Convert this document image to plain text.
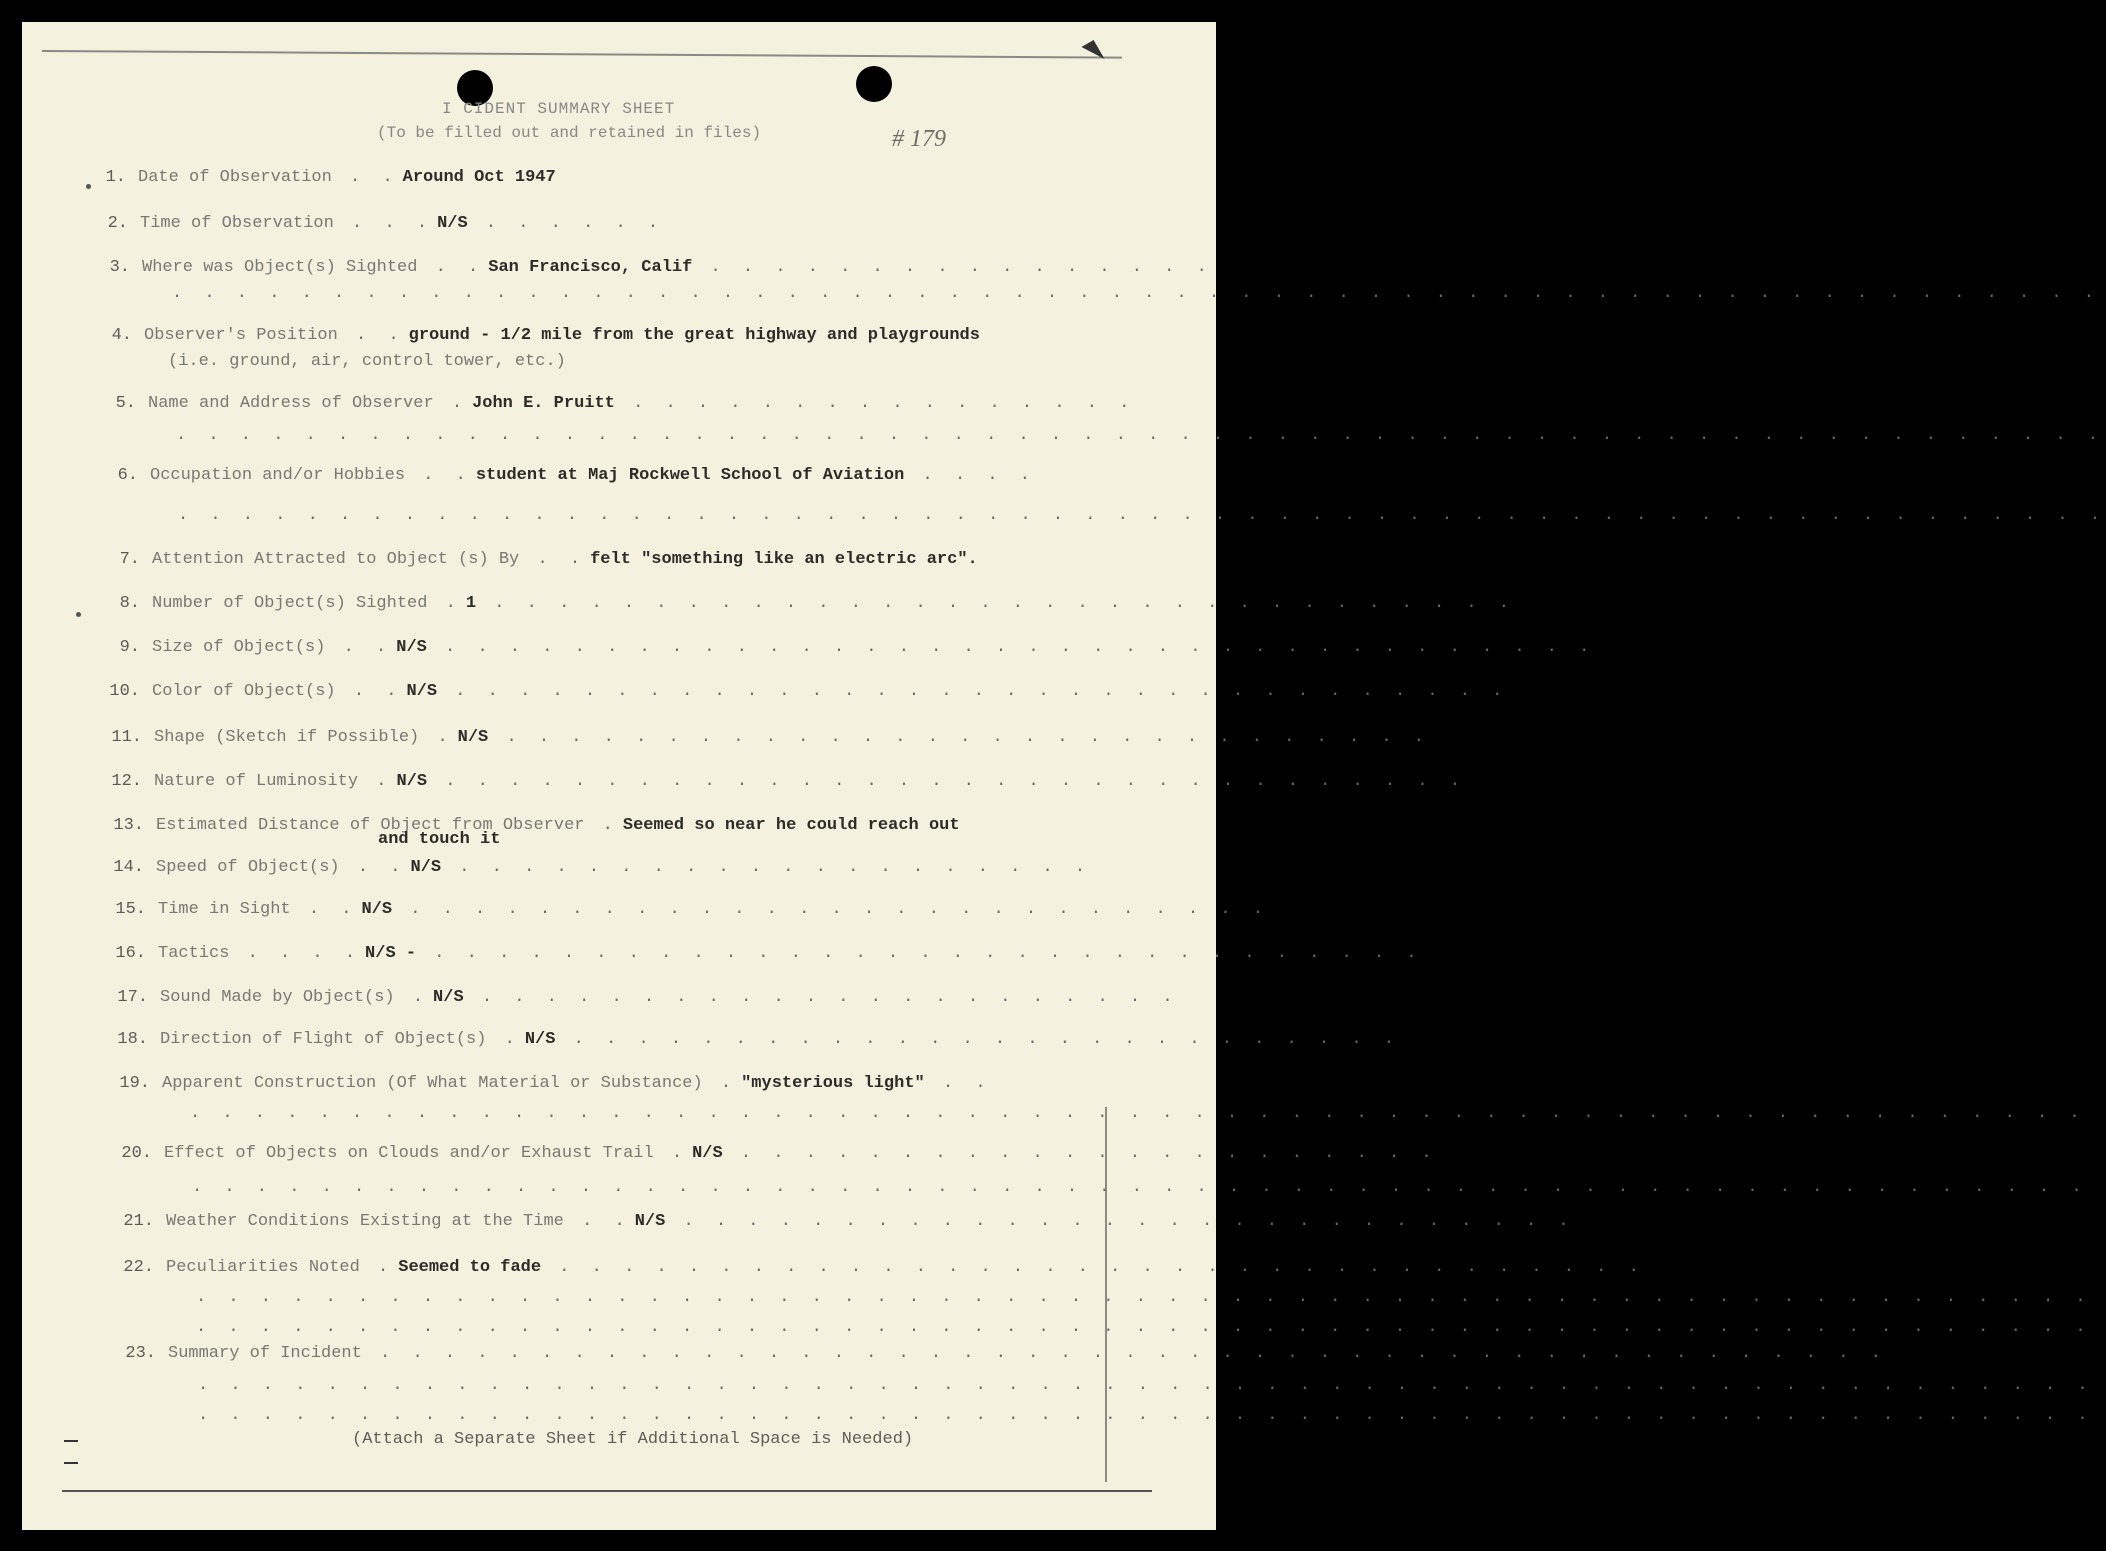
I CIDENT SUMMARY SHEET
(To be filled out and retained in files)	# 179
1. Date of Observation . . Around Oct 1947
2. Time of Observation . . . N/S . . . . . .
3. Where was Object(s) Sighted . . San Francisco, Calif . . . . . . . . . . . . . . . .
. . . . . . . . . . . . . . . . . . . . . . . . . . . . . . . . . . . . . . . . . . . . . . . . . . . . . . . . . . . .
4. Observer's Position . . ground - 1/2 mile from the great highway and playgrounds
(i.e. ground, air, control tower, etc.)
5. Name and Address of Observer . John E. Pruitt . . . . . . . . . . . . . . . .
. . . . . . . . . . . . . . . . . . . . . . . . . . . . . . . . . . . . . . . . . . . . . . . . . . . . . . . . . . . .
6. Occupation and/or Hobbies . . student at Maj Rockwell School of Aviation . . . .
. . . . . . . . . . . . . . . . . . . . . . . . . . . . . . . . . . . . . . . . . . . . . . . . . . . . . . . . . . . .
7. Attention Attracted to Object (s) By . . felt "something like an electric arc".
8. Number of Object(s) Sighted . 1 . . . . . . . . . . . . . . . . . . . . . . . . . . . . . . . .
9. Size of Object(s) . . N/S . . . . . . . . . . . . . . . . . . . . . . . . . . . . . . . . . . . .
10. Color of Object(s) . . N/S . . . . . . . . . . . . . . . . . . . . . . . . . . . . . . . . .
11. Shape (Sketch if Possible) . N/S . . . . . . . . . . . . . . . . . . . . . . . . . . . . .
12. Nature of Luminosity . N/S . . . . . . . . . . . . . . . . . . . . . . . . . . . . . . . .
13. Estimated Distance of Object from Observer . Seemed so near he could reach out
and touch it
14. Speed of Object(s) . . N/S . . . . . . . . . . . . . . . . . . . .
15. Time in Sight . . N/S . . . . . . . . . . . . . . . . . . . . . . . . . . .
16. Tactics . . . . N/S - . . . . . . . . . . . . . . . . . . . . . . . . . . . . . . .
17. Sound Made by Object(s) . N/S . . . . . . . . . . . . . . . . . . . . . .
18. Direction of Flight of Object(s) . N/S . . . . . . . . . . . . . . . . . . . . . . . . . .
19. Apparent Construction (Of What Material or Substance) . "mysterious light" . .
. . . . . . . . . . . . . . . . . . . . . . . . . . . . . . . . . . . . . . . . . . . . . . . . . . . . . . . . . . .
20. Effect of Objects on Clouds and/or Exhaust Trail . N/S . . . . . . . . . . . . . . . . . . . . . .
. . . . . . . . . . . . . . . . . . . . . . . . . . . . . . . . . . . . . . . . . . . . . . . . . . . . . . . . . . .
21. Weather Conditions Existing at the Time . . N/S . . . . . . . . . . . . . . . . . . . . . . . . . . . .
22. Peculiarities Noted . Seemed to fade . . . . . . . . . . . . . . . . . . . . . . . . . . . . . . . . . .
. . . . . . . . . . . . . . . . . . . . . . . . . . . . . . . . . . . . . . . . . . . . . . . . . . . . . . . . . . .
. . . . . . . . . . . . . . . . . . . . . . . . . . . . . . . . . . . . . . . . . . . . . . . . . . . . . . . . . . .
23. Summary of Incident . . . . . . . . . . . . . . . . . . . . . . . . . . . . . . . . . . . . . . . . . . . . . . .
. . . . . . . . . . . . . . . . . . . . . . . . . . . . . . . . . . . . . . . . . . . . . . . . . . . . . . . . . . .
. . . . . . . . . . . . . . . . . . . . . . . . . . . . . . . . . . . . . . . . . . . . . . . . . . . . . . . . . . .
(Attach a Separate Sheet if Additional Space is Needed)
